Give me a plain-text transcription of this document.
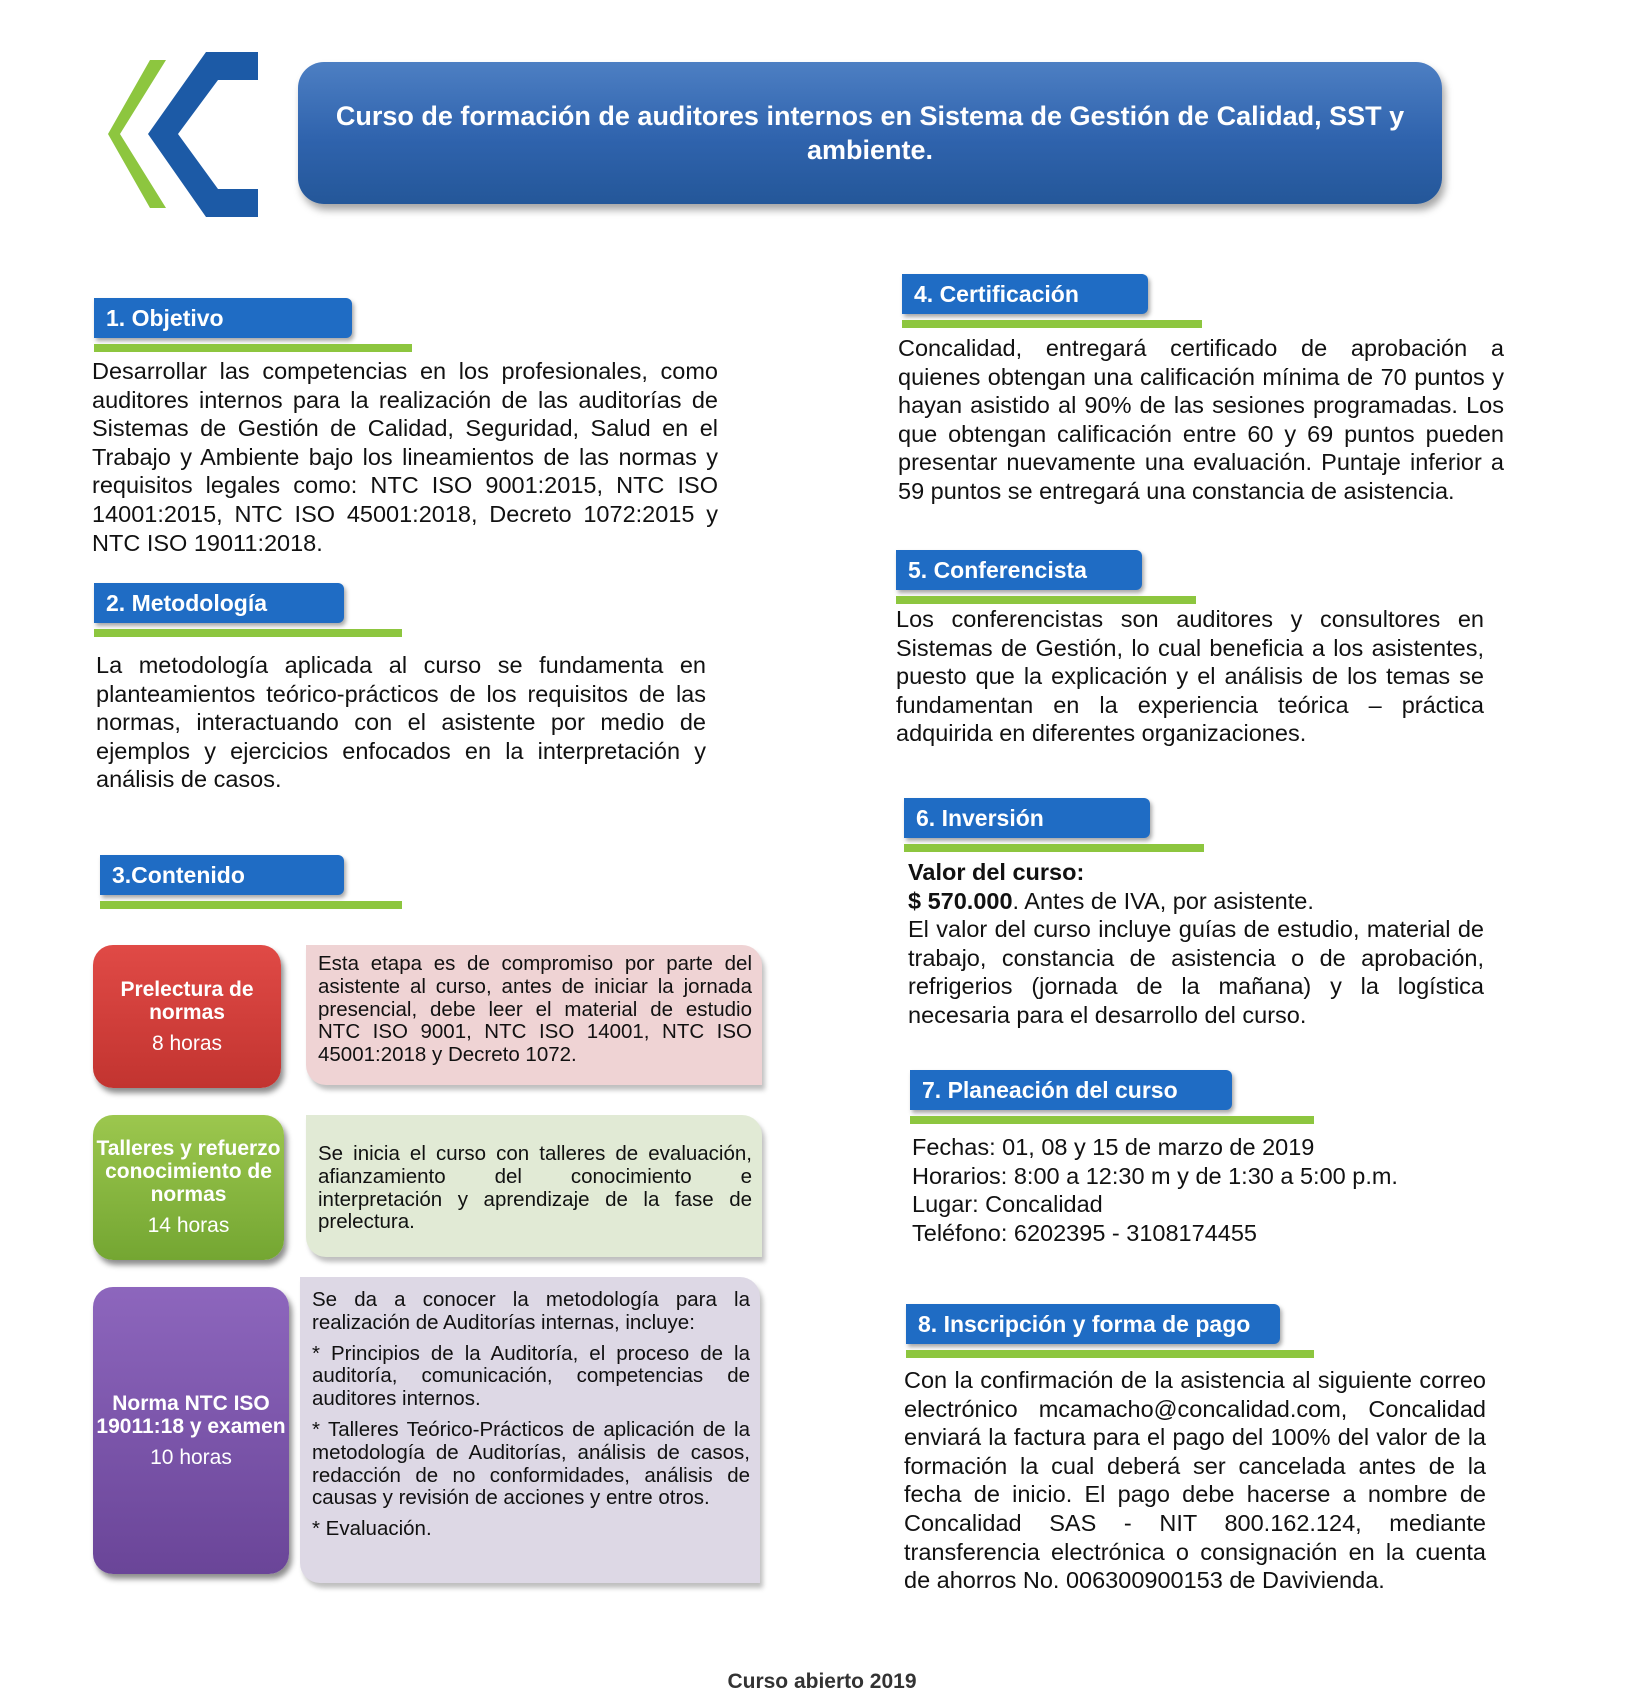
Curso de formación de auditores internos en Sistema de Gestión de Calidad, SST y ambiente.
1. Objetivo
Desarrollar las competencias en los profesionales, como auditores internos para la realización de las auditorías de Sistemas de Gestión de Calidad, Seguridad, Salud en el Trabajo y Ambiente bajo los lineamientos de las normas y requisitos legales como: NTC ISO 9001:2015, NTC ISO 14001:2015, NTC ISO 45001:2018, Decreto 1072:2015 y NTC ISO 19011:2018.
2. Metodología
La metodología aplicada al curso se fundamenta en planteamientos teórico-prácticos de los requisitos de las normas, interactuando con el asistente por medio de ejemplos y ejercicios enfocados en la interpretación y análisis de casos.
3.Contenido
Prelectura de normas
8 horas
Esta etapa es de compromiso por parte del asistente al curso, antes de iniciar la jornada presencial, debe leer el material de estudio NTC ISO 9001, NTC ISO 14001, NTC ISO 45001:2018 y Decreto 1072.
Talleres y refuerzo conocimiento de normas
14 horas
Se inicia el curso con talleres de evaluación, afianzamiento del conocimiento e interpretación y aprendizaje de la fase de prelectura.
Norma NTC ISO 19011:18 y examen
10 horas
Se da a conocer la metodología para la realización de Auditorías internas, incluye:
* Principios de la Auditoría, el proceso de la auditoría, comunicación, competencias de auditores internos.
* Talleres Teórico-Prácticos de aplicación de la metodología de Auditorías, análisis de casos, redacción de no conformidades, análisis de causas y revisión de acciones y entre otros.
* Evaluación.
4. Certificación
Concalidad, entregará certificado de aprobación a quienes obtengan una calificación mínima de 70 puntos y hayan asistido al 90% de las sesiones programadas. Los que obtengan calificación entre 60 y 69 puntos pueden presentar nuevamente una evaluación. Puntaje inferior a 59 puntos se entregará una constancia de asistencia.
5. Conferencista
Los conferencistas son auditores y consultores en Sistemas de Gestión, lo cual beneficia a los asistentes, puesto que la explicación y el análisis de los temas se fundamentan en la experiencia teórica – práctica adquirida en diferentes organizaciones.
6. Inversión
Valor del curso:
$ 570.000. Antes de IVA, por asistente.
El valor del curso incluye guías de estudio, material de trabajo, constancia de asistencia o de aprobación, refrigerios (jornada de la mañana) y la logística necesaria para el desarrollo del curso.
7. Planeación del curso
Fechas: 01, 08 y 15 de marzo de 2019
Horarios: 8:00 a 12:30 m y de 1:30 a 5:00 p.m.
Lugar: Concalidad
Teléfono: 6202395 - 3108174455
8. Inscripción y forma de pago
Con la confirmación de la asistencia al siguiente correo electrónico mcamacho@concalidad.com, Concalidad enviará la factura para el pago del 100% del valor de la formación la cual deberá ser cancelada antes de la fecha de inicio. El pago debe hacerse a nombre de Concalidad SAS - NIT 800.162.124, mediante transferencia electrónica o consignación en la cuenta de ahorros No. 006300900153 de Davivienda.
Curso abierto 2019
